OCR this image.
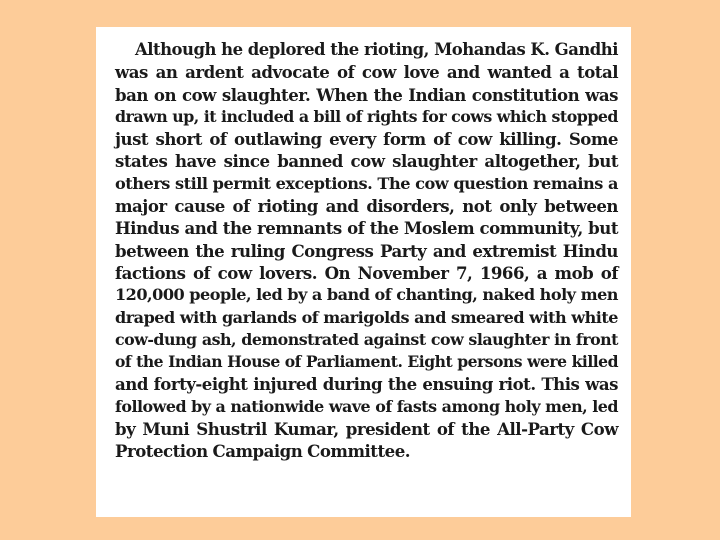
Although he deplored the rioting, Mohandas K. Gandhi
was an ardent advocate of cow love and wanted a total
ban on cow slaughter. When the Indian constitution was
drawn up, it included a bill of rights for cows which stopped
just short of outlawing every form of cow killing. Some
states have since banned cow slaughter altogether, but
others still permit exceptions. The cow question remains a
major cause of rioting and disorders, not only between
Hindus and the remnants of the Moslem community, but
between the ruling Congress Party and extremist Hindu
factions of cow lovers. On November 7, 1966, a mob of
120,000 people, led by a band of chanting, naked holy men
draped with garlands of marigolds and smeared with white
cow-dung ash, demonstrated against cow slaughter in front
of the Indian House of Parliament. Eight persons were killed
and forty-eight injured during the ensuing riot. This was
followed by a nationwide wave of fasts among holy men, led
by Muni Shustril Kumar, president of the All-Party Cow
Protection Campaign Committee.
